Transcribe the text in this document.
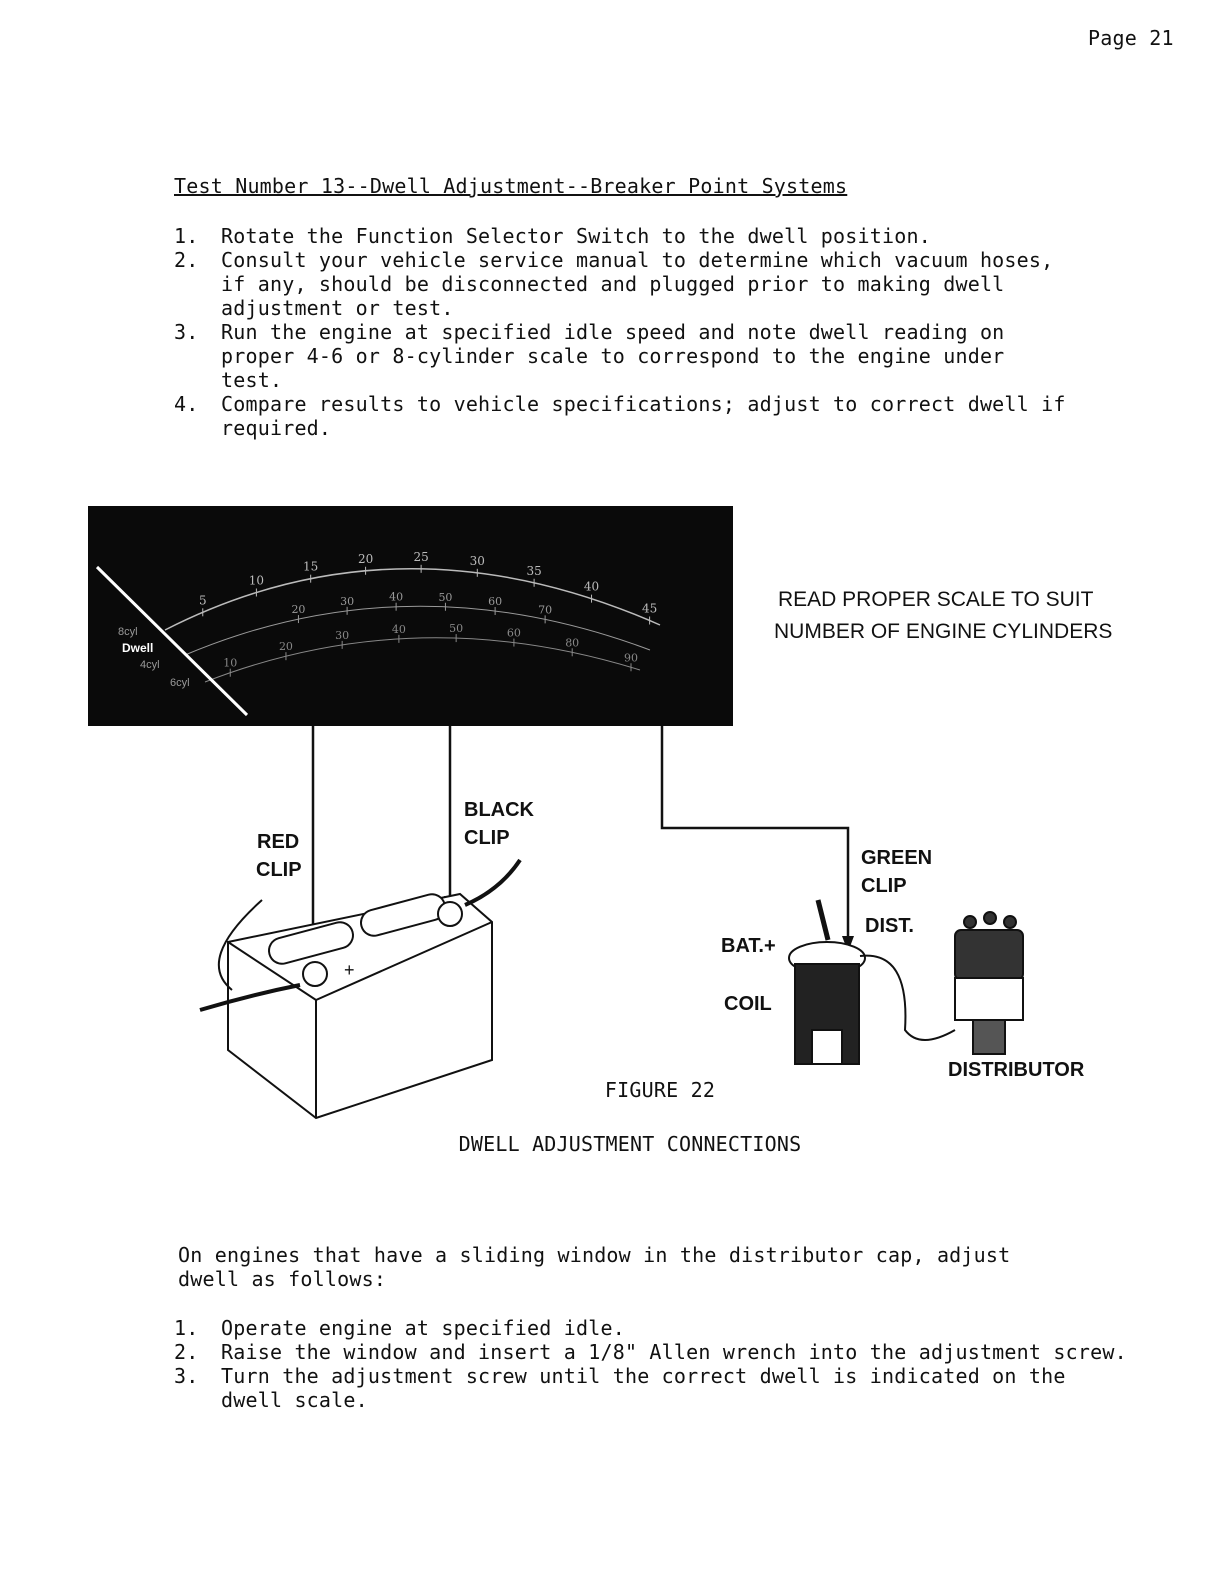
Page 21
Test Number 13--Dwell Adjustment--Breaker Point Systems
1. Rotate the Function Selector Switch to the dwell position.
2. Consult your vehicle service manual to determine which vacuum hoses, if any, should be disconnected and plugged prior to making dwell adjustment or test.
3. Run the engine at specified idle speed and note dwell reading on proper 4-6 or 8-cylinder scale to correspond to the engine under test.
4. Compare results to vehicle specifications; adjust to correct dwell if required.
5
10
15
20	25	30
35
40
45
20
30	40	50	60
70
10
20
30	40	50	60
80
90
8cyl
Dwell
4cyl
6cyl
+
READ PROPER SCALE TO SUIT
NUMBER OF ENGINE CYLINDERS
RED
CLIP
BLACK
CLIP
GREEN
CLIP
DIST.
BAT.+
COIL
DISTRIBUTOR
FIGURE 22
DWELL ADJUSTMENT CONNECTIONS

On engines that have a sliding window in the distributor cap, adjust dwell as follows:

1. Operate engine at specified idle.
2. Raise the window and insert a 1/8" Allen wrench into the adjustment screw.
3. Turn the adjustment screw until the correct dwell is indicated on the dwell scale.
